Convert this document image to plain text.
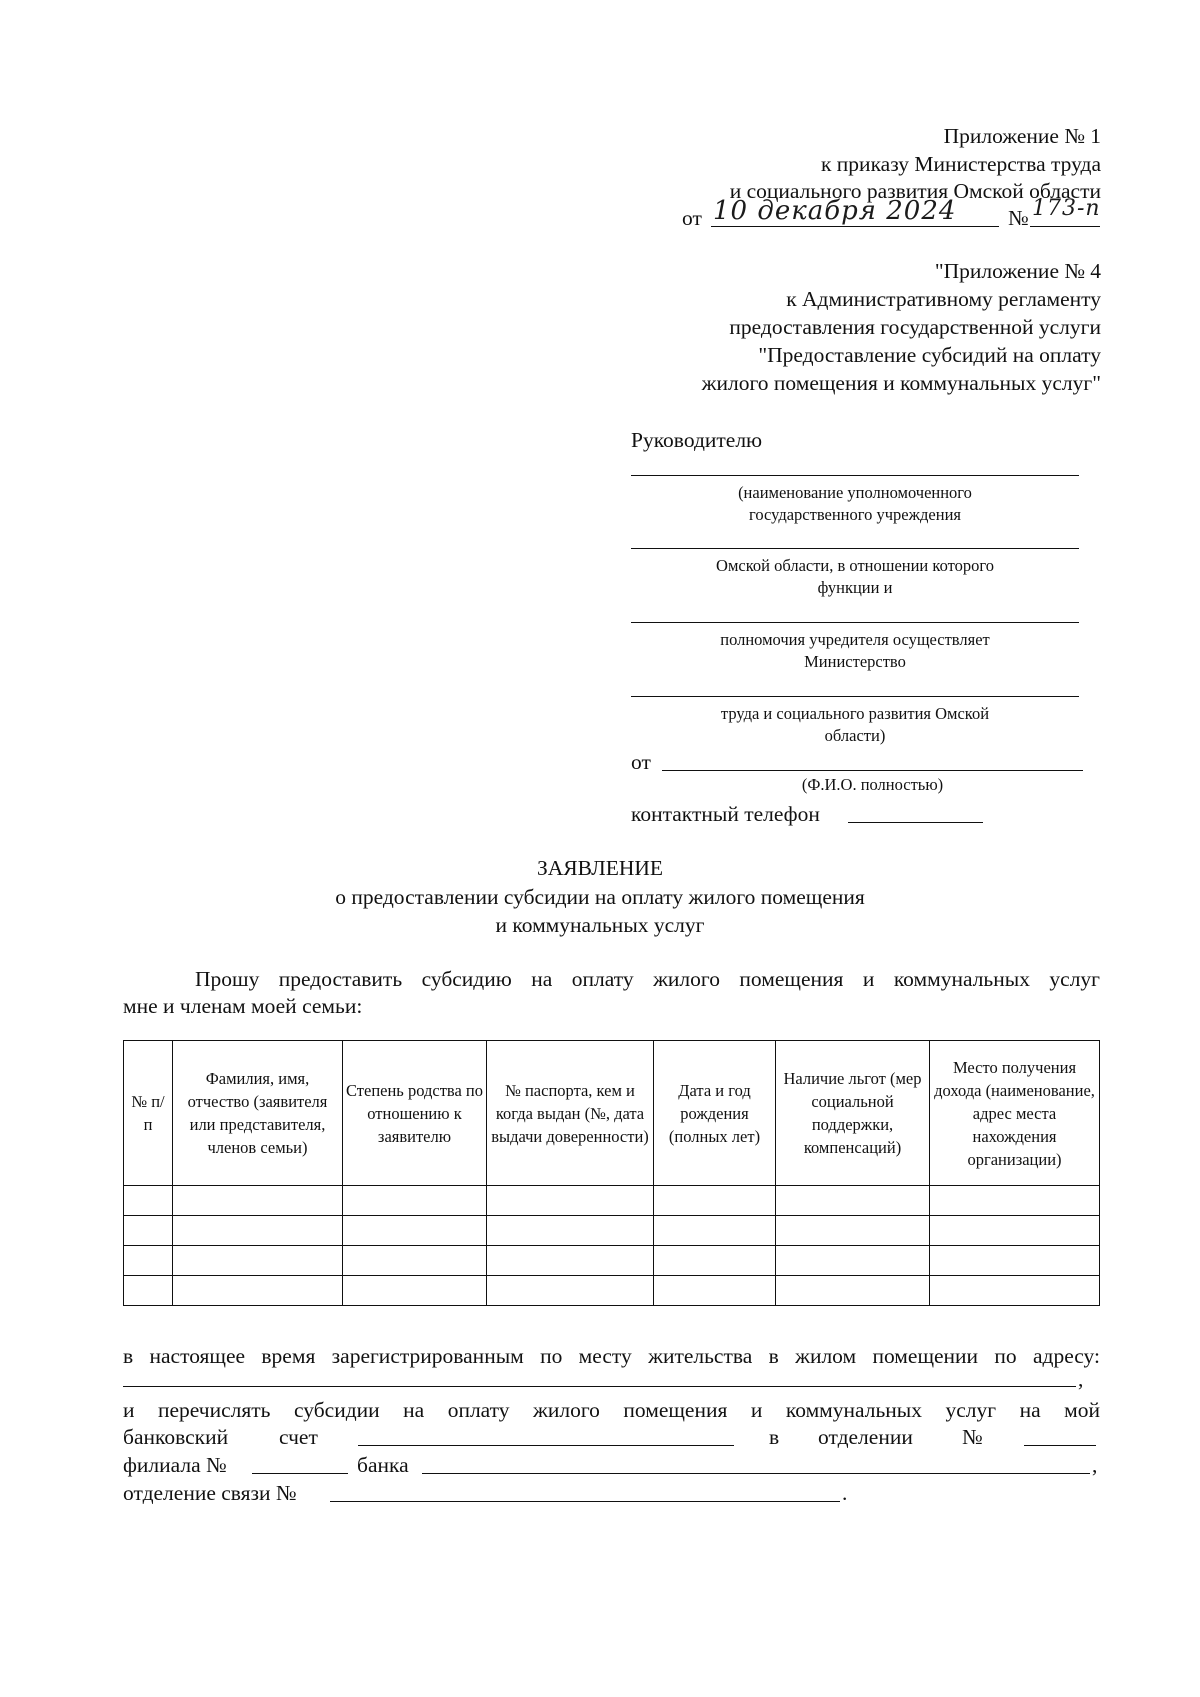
Приложение № 1
к приказу Министерства труда
и социального развития Омской области
от 10 декабря 2024 № 173-п
"Приложение № 4
к Административному регламенту
предоставления государственной услуги
"Предоставление субсидий на оплату
жилого помещения и коммунальных услуг"
Руководителю
(наименование уполномоченного
государственного учреждения
Омской области, в отношении которого
функции и
полномочия учредителя осуществляет
Министерство
труда и социального развития Омской
области)
от
(Ф.И.О. полностью)
контактный телефон
ЗАЯВЛЕНИЕ
о предоставлении субсидии на оплату жилого помещения
и коммунальных услуг
Прошу предоставить субсидию на оплату жилого помещения и коммунальных услуг
мне и членам моей семьи:
№ п/п	Фамилия, имя, отчество (заявителя или представителя, членов семьи)	Степень родства по отношению к заявителю	№ паспорта, кем и когда выдан (№, дата выдачи доверенности)	Дата и год рождения (полных лет)	Наличие льгот (мер социальной поддержки, компенсаций)	Место получения дохода (наименование, адрес места нахождения организации)

в настоящее время зарегистрированным по месту жительства в жилом помещении по адресу:
,
и перечислять субсидии на оплату жилого помещения и коммунальных услуг на мой
банковский счет	в отделении №
филиала №	банка	,
отделение связи №	.
